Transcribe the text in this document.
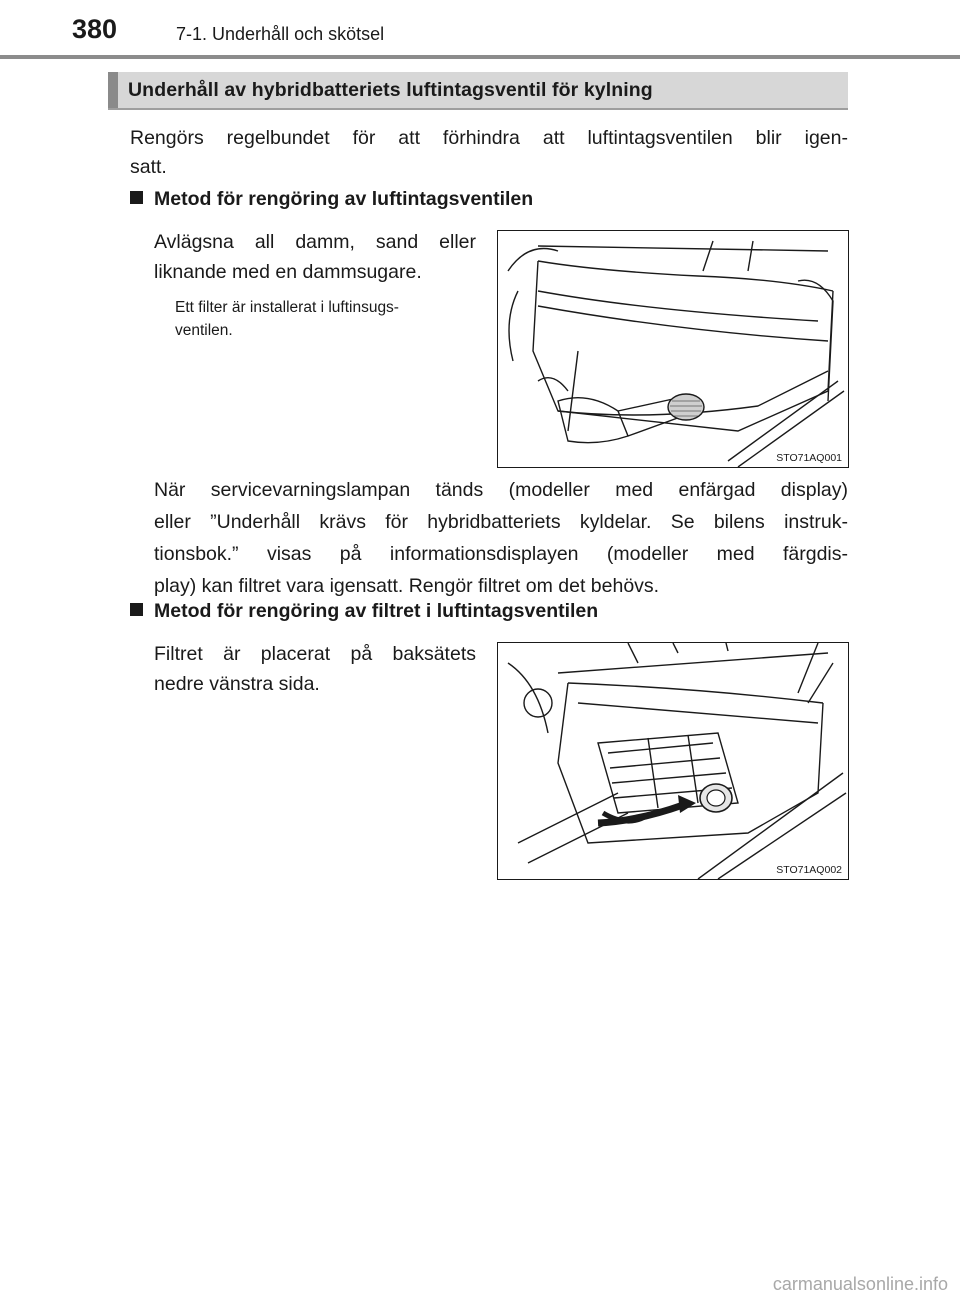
380	7-1. Underhåll och skötsel
Underhåll av hybridbatteriets luftintagsventil för kylning
Rengörs regelbundet för att förhindra att luftintagsventilen blir igen-
satt.
Metod för rengöring av luftintagsventilen
Avlägsna all damm, sand eller
liknande med en dammsugare.
Ett filter är installerat i luftinsugs-
ventilen.
STO71AQ001
När servicevarningslampan tänds (modeller med enfärgad display)
eller ”Underhåll krävs för hybridbatteriets kyldelar. Se bilens instruk-
tionsbok.” visas på informationsdisplayen (modeller med färgdis-
play) kan filtret vara igensatt. Rengör filtret om det behövs.
Metod för rengöring av filtret i luftintagsventilen
Filtret är placerat på baksätets
nedre vänstra sida.
STO71AQ002
carmanualsonline.info
